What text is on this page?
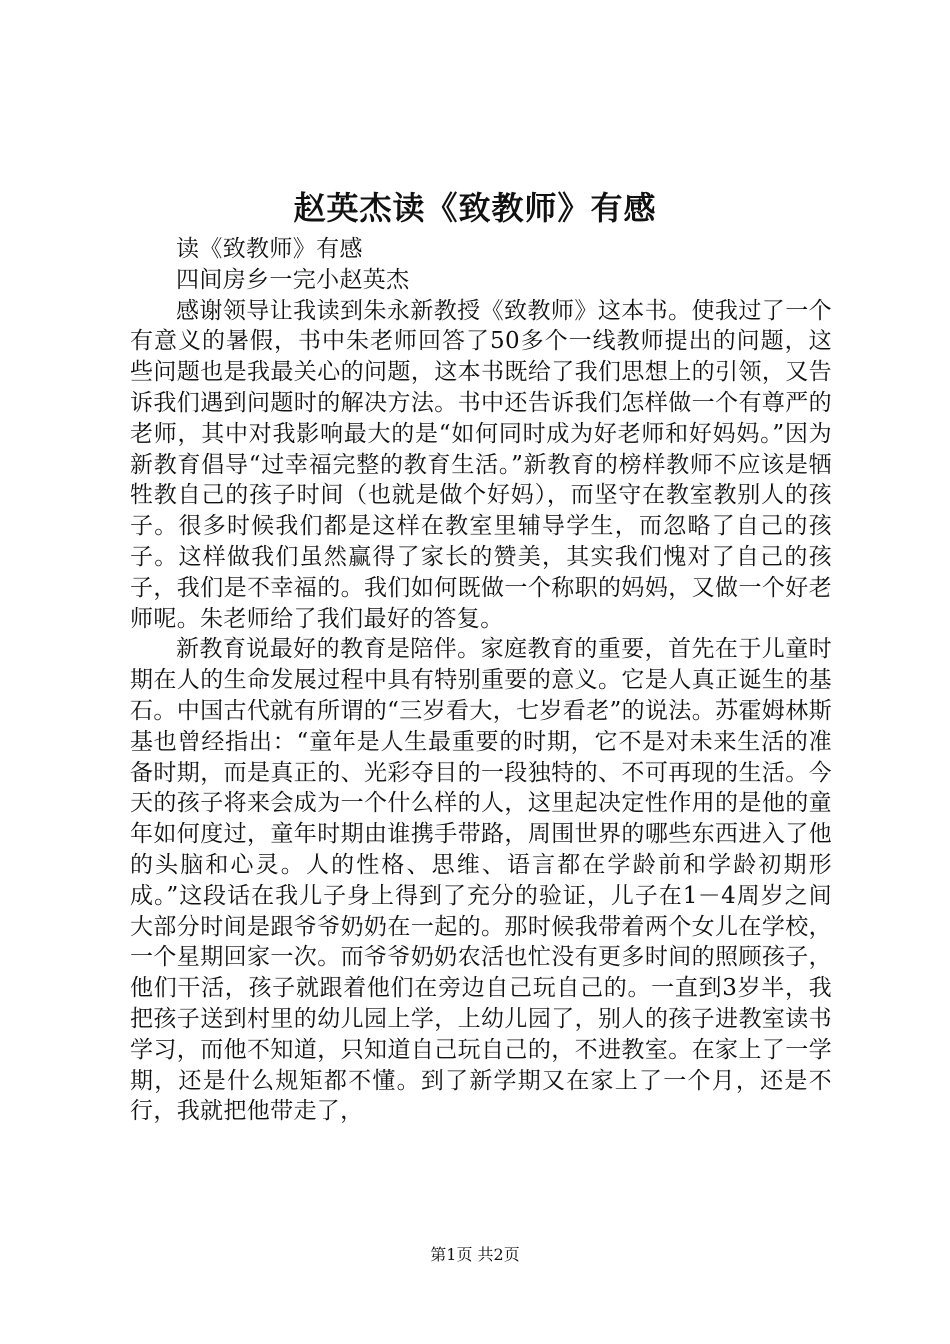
赵英杰读《致教师》有感

读《致教师》有感

四间房乡一完小赵英杰

感谢领导让我读到朱永新教授《致教师》这本书。使我过了一个有意义的暑假，书中朱老师回答了50多个一线教师提出的问题，这些问题也是我最关心的问题，这本书既给了我们思想上的引领，又告诉我们遇到问题时的解决方法。书中还告诉我们怎样做一个有尊严的老师，其中对我影响最大的是“如何同时成为好老师和好妈妈。”因为新教育倡导“过幸福完整的教育生活。”新教育的榜样教师不应该是牺牲教自己的孩子时间（也就是做个好妈），而坚守在教室教别人的孩子。很多时候我们都是这样在教室里辅导学生，而忽略了自己的孩子。这样做我们虽然赢得了家长的赞美，其实我们愧对了自己的孩子，我们是不幸福的。我们如何既做一个称职的妈妈，又做一个好老师呢。朱老师给了我们最好的答复。

新教育说最好的教育是陪伴。家庭教育的重要，首先在于儿童时期在人的生命发展过程中具有特别重要的意义。它是人真正诞生的基石。中国古代就有所谓的“三岁看大，七岁看老”的说法。苏霍姆林斯基也曾经指出：“童年是人生最重要的时期，它不是对未来生活的准备时期，而是真正的、光彩夺目的一段独特的、不可再现的生活。今天的孩子将来会成为一个什么样的人，这里起决定性作用的是他的童年如何度过，童年时期由谁携手带路，周围世界的哪些东西进入了他的头脑和心灵。人的性格、思维、语言都在学龄前和学龄初期形成。”这段话在我儿子身上得到了充分的验证，儿子在1－4周岁之间大部分时间是跟爷爷奶奶在一起的。那时候我带着两个女儿在学校，一个星期回家一次。而爷爷奶奶农活也忙没有更多时间的照顾孩子，他们干活，孩子就跟着他们在旁边自己玩自己的。一直到3岁半，我把孩子送到村里的幼儿园上学，上幼儿园了，别人的孩子进教室读书学习，而他不知道，只知道自己玩自己的，不进教室。在家上了一学期，还是什么规矩都不懂。到了新学期又在家上了一个月，还是不行，我就把他带走了，

第1页 共2页
